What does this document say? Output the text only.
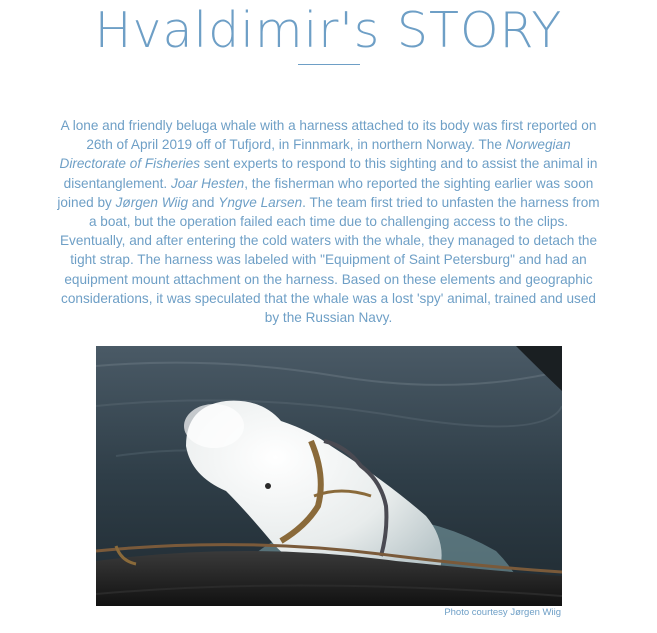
Hvaldimir's STORY

A lone and friendly beluga whale with a harness attached to its body was first reported on 26th of April 2019 off of Tufjord, in Finnmark, in northern Norway. The Norwegian Directorate of Fisheries sent experts to respond to this sighting and to assist the animal in disentanglement. Joar Hesten, the fisherman who reported the sighting earlier was soon joined by Jørgen Wiig and Yngve Larsen. The team first tried to unfasten the harness from a boat, but the operation failed each time due to challenging access to the clips. Eventually, and after entering the cold waters with the whale, they managed to detach the tight strap. The harness was labeled with "Equipment of Saint Petersburg" and had an equipment mount attachment on the harness. Based on these elements and geographic considerations, it was speculated that the whale was a lost 'spy' animal, trained and used by the Russian Navy.

Photo courtesy Jørgen Wiig
